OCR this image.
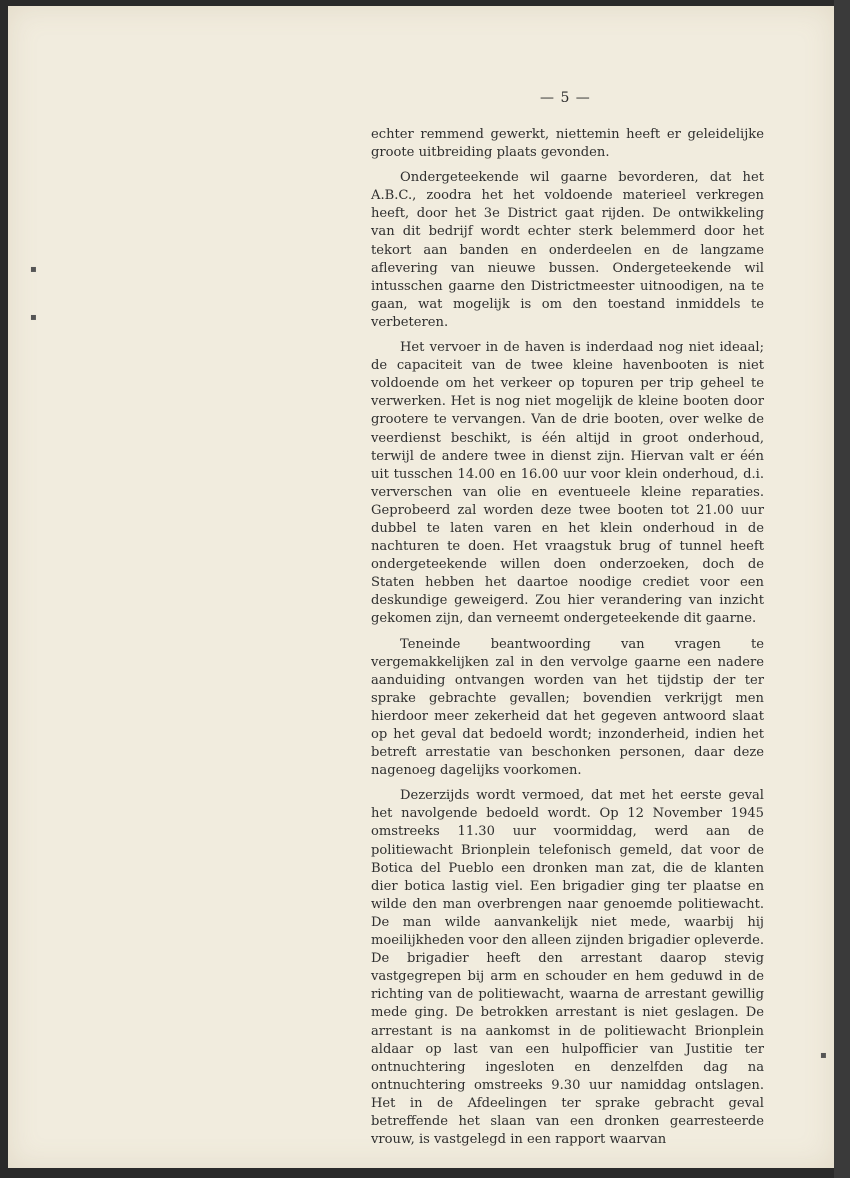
▪
▪
▪
— 5 —

echter remmend gewerkt, niettemin heeft er geleidelijke groote uitbreiding plaats gevonden.

Ondergeteekende wil gaarne bevorderen, dat het A.B.C., zoodra het het voldoende materieel verkregen heeft, door het 3e District gaat rijden. De ontwikkeling van dit bedrijf wordt echter sterk belemmerd door het tekort aan banden en onderdeelen en de langzame aflevering van nieuwe bussen. Ondergeteekende wil intusschen gaarne den Districtmeester uitnoodigen, na te gaan, wat mogelijk is om den toestand inmiddels te verbeteren.

Het vervoer in de haven is inderdaad nog niet ideaal; de capaciteit van de twee kleine havenbooten is niet voldoende om het verkeer op topuren per trip geheel te verwerken. Het is nog niet mogelijk de kleine booten door grootere te vervangen. Van de drie booten, over welke de veerdienst beschikt, is één altijd in groot onderhoud, terwijl de andere twee in dienst zijn. Hiervan valt er één uit tusschen 14.00 en 16.00 uur voor klein onderhoud, d.i. ververschen van olie en eventueele kleine reparaties. Geprobeerd zal worden deze twee booten tot 21.00 uur dubbel te laten varen en het klein onderhoud in de nachturen te doen. Het vraagstuk brug of tunnel heeft ondergeteekende willen doen onderzoeken, doch de Staten hebben het daartoe noodige crediet voor een deskundige geweigerd. Zou hier verandering van inzicht gekomen zijn, dan verneemt ondergeteekende dit gaarne.

Teneinde beantwoording van vragen te vergemakkelijken zal in den vervolge gaarne een nadere aanduiding ontvangen worden van het tijdstip der ter sprake gebrachte gevallen; bovendien verkrijgt men hierdoor meer zekerheid dat het gegeven antwoord slaat op het geval dat bedoeld wordt; inzonderheid, indien het betreft arrestatie van beschonken personen, daar deze nagenoeg dagelijks voorkomen.

Dezerzijds wordt vermoed, dat met het eerste geval het navolgende bedoeld wordt. Op 12 November 1945 omstreeks 11.30 uur voormiddag, werd aan de politiewacht Brionplein telefonisch gemeld, dat voor de Botica del Pueblo een dronken man zat, die de klanten dier botica lastig viel. Een brigadier ging ter plaatse en wilde den man overbrengen naar genoemde politiewacht. De man wilde aanvankelijk niet mede, waarbij hij moeilijkheden voor den alleen zijnden brigadier opleverde. De brigadier heeft den arrestant daarop stevig vastgegrepen bij arm en schouder en hem geduwd in de richting van de politiewacht, waarna de arrestant gewillig mede ging. De betrokken arrestant is niet geslagen. De arrestant is na aankomst in de politiewacht Brionplein aldaar op last van een hulpofficier van Justitie ter ontnuchtering ingesloten en denzelfden dag na ontnuchtering omstreeks 9.30 uur namiddag ontslagen. Het in de Afdeelingen ter sprake gebracht geval betreffende het slaan van een dronken gearresteerde vrouw, is vastgelegd in een rapport waarvan
